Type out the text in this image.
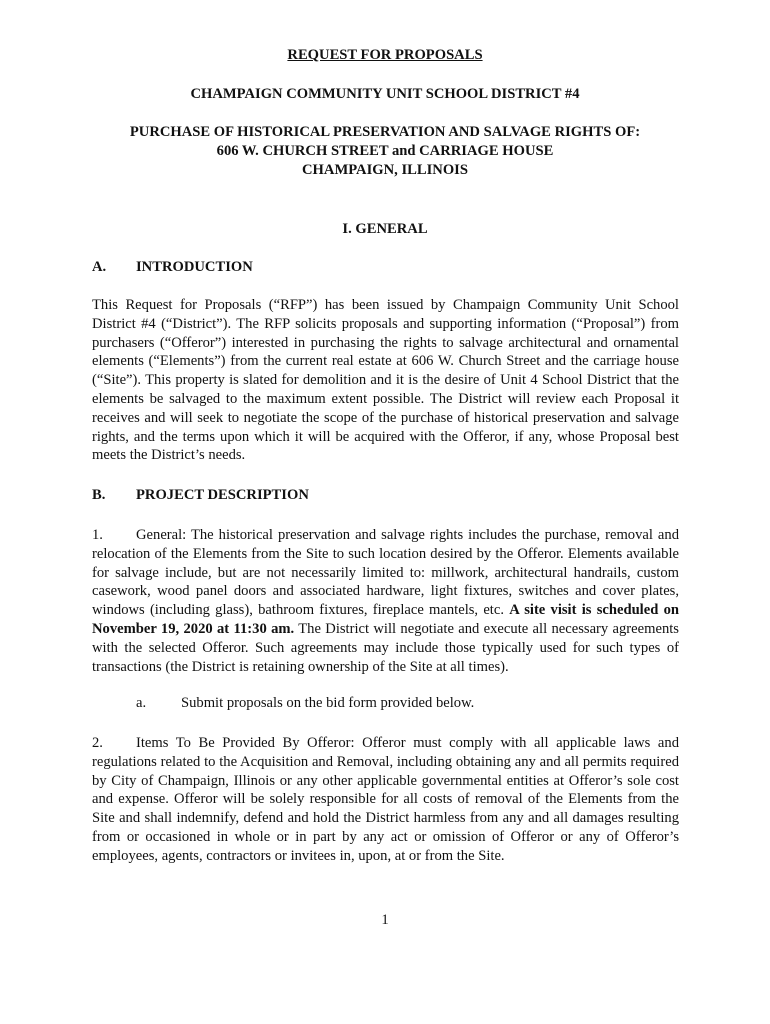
REQUEST FOR PROPOSALS
CHAMPAIGN COMMUNITY UNIT SCHOOL DISTRICT #4
PURCHASE OF HISTORICAL PRESERVATION AND SALVAGE RIGHTS OF:
606 W. CHURCH STREET and CARRIAGE HOUSE
CHAMPAIGN, ILLINOIS
I. GENERAL
A. INTRODUCTION

This Request for Proposals (“RFP”) has been issued by Champaign Community Unit School District #4 (“District”). The RFP solicits proposals and supporting information (“Proposal”) from purchasers (“Offeror”) interested in purchasing the rights to salvage architectural and ornamental elements (“Elements”) from the current real estate at 606 W. Church Street and the carriage house (“Site”). This property is slated for demolition and it is the desire of Unit 4 School District that the elements be salvaged to the maximum extent possible. The District will review each Proposal it receives and will seek to negotiate the scope of the purchase of historical preservation and salvage rights, and the terms upon which it will be acquired with the Offeror, if any, whose Proposal best meets the District’s needs.

B. PROJECT DESCRIPTION

1. General: The historical preservation and salvage rights includes the purchase, removal and relocation of the Elements from the Site to such location desired by the Offeror. Elements available for salvage include, but are not necessarily limited to: millwork, architectural handrails, custom casework, wood panel doors and associated hardware, light fixtures, switches and cover plates, windows (including glass), bathroom fixtures, fireplace mantels, etc. A site visit is scheduled on November 19, 2020 at 11:30 am. The District will negotiate and execute all necessary agreements with the selected Offeror. Such agreements may include those typically used for such types of transactions (the District is retaining ownership of the Site at all times).

a. Submit proposals on the bid form provided below.

2. Items To Be Provided By Offeror: Offeror must comply with all applicable laws and regulations related to the Acquisition and Removal, including obtaining any and all permits required by City of Champaign, Illinois or any other applicable governmental entities at Offeror’s sole cost and expense. Offeror will be solely responsible for all costs of removal of the Elements from the Site and shall indemnify, defend and hold the District harmless from any and all damages resulting from or occasioned in whole or in part by any act or omission of Offeror or any of Offeror’s employees, agents, contractors or invitees in, upon, at or from the Site.

1
